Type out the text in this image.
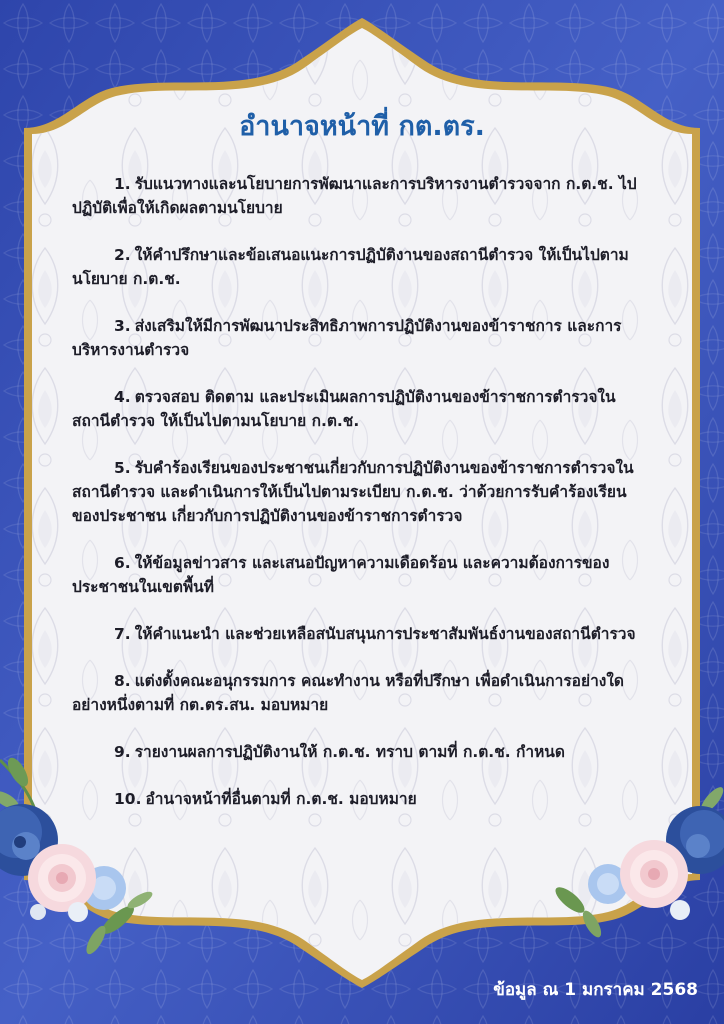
อำนาจหน้าที่ กต.ตร.

1. รับแนวทางและนโยบายการพัฒนาและการบริหารงานตำรวจจาก ก.ต.ช. ไปปฏิบัติเพื่อให้เกิดผลตามนโยบาย

2. ให้คำปรึกษาและข้อเสนอแนะการปฏิบัติงานของสถานีตำรวจ ให้เป็นไปตามนโยบาย ก.ต.ช.

3. ส่งเสริมให้มีการพัฒนาประสิทธิภาพการปฏิบัติงานของข้าราชการ และการบริหารงานตำรวจ

4. ตรวจสอบ ติดตาม และประเมินผลการปฏิบัติงานของข้าราชการตำรวจในสถานีตำรวจ ให้เป็นไปตามนโยบาย ก.ต.ช.

5. รับคำร้องเรียนของประชาชนเกี่ยวกับการปฏิบัติงานของข้าราชการตำรวจในสถานีตำรวจ และดำเนินการให้เป็นไปตามระเบียบ ก.ต.ช. ว่าด้วยการรับคำร้องเรียนของประชาชน เกี่ยวกับการปฏิบัติงานของข้าราชการตำรวจ

6. ให้ข้อมูลข่าวสาร และเสนอปัญหาความเดือดร้อน และความต้องการของประชาชนในเขตพื้นที่

7. ให้คำแนะนำ และช่วยเหลือสนับสนุนการประชาสัมพันธ์งานของสถานีตำรวจ

8. แต่งตั้งคณะอนุกรรมการ คณะทำงาน หรือที่ปรึกษา เพื่อดำเนินการอย่างใดอย่างหนึ่งตามที่ กต.ตร.สน. มอบหมาย

9. รายงานผลการปฏิบัติงานให้ ก.ต.ช. ทราบ ตามที่ ก.ต.ช. กำหนด

10. อำนาจหน้าที่อื่นตามที่ ก.ต.ช. มอบหมาย

ข้อมูล ณ 1 มกราคม 2568
